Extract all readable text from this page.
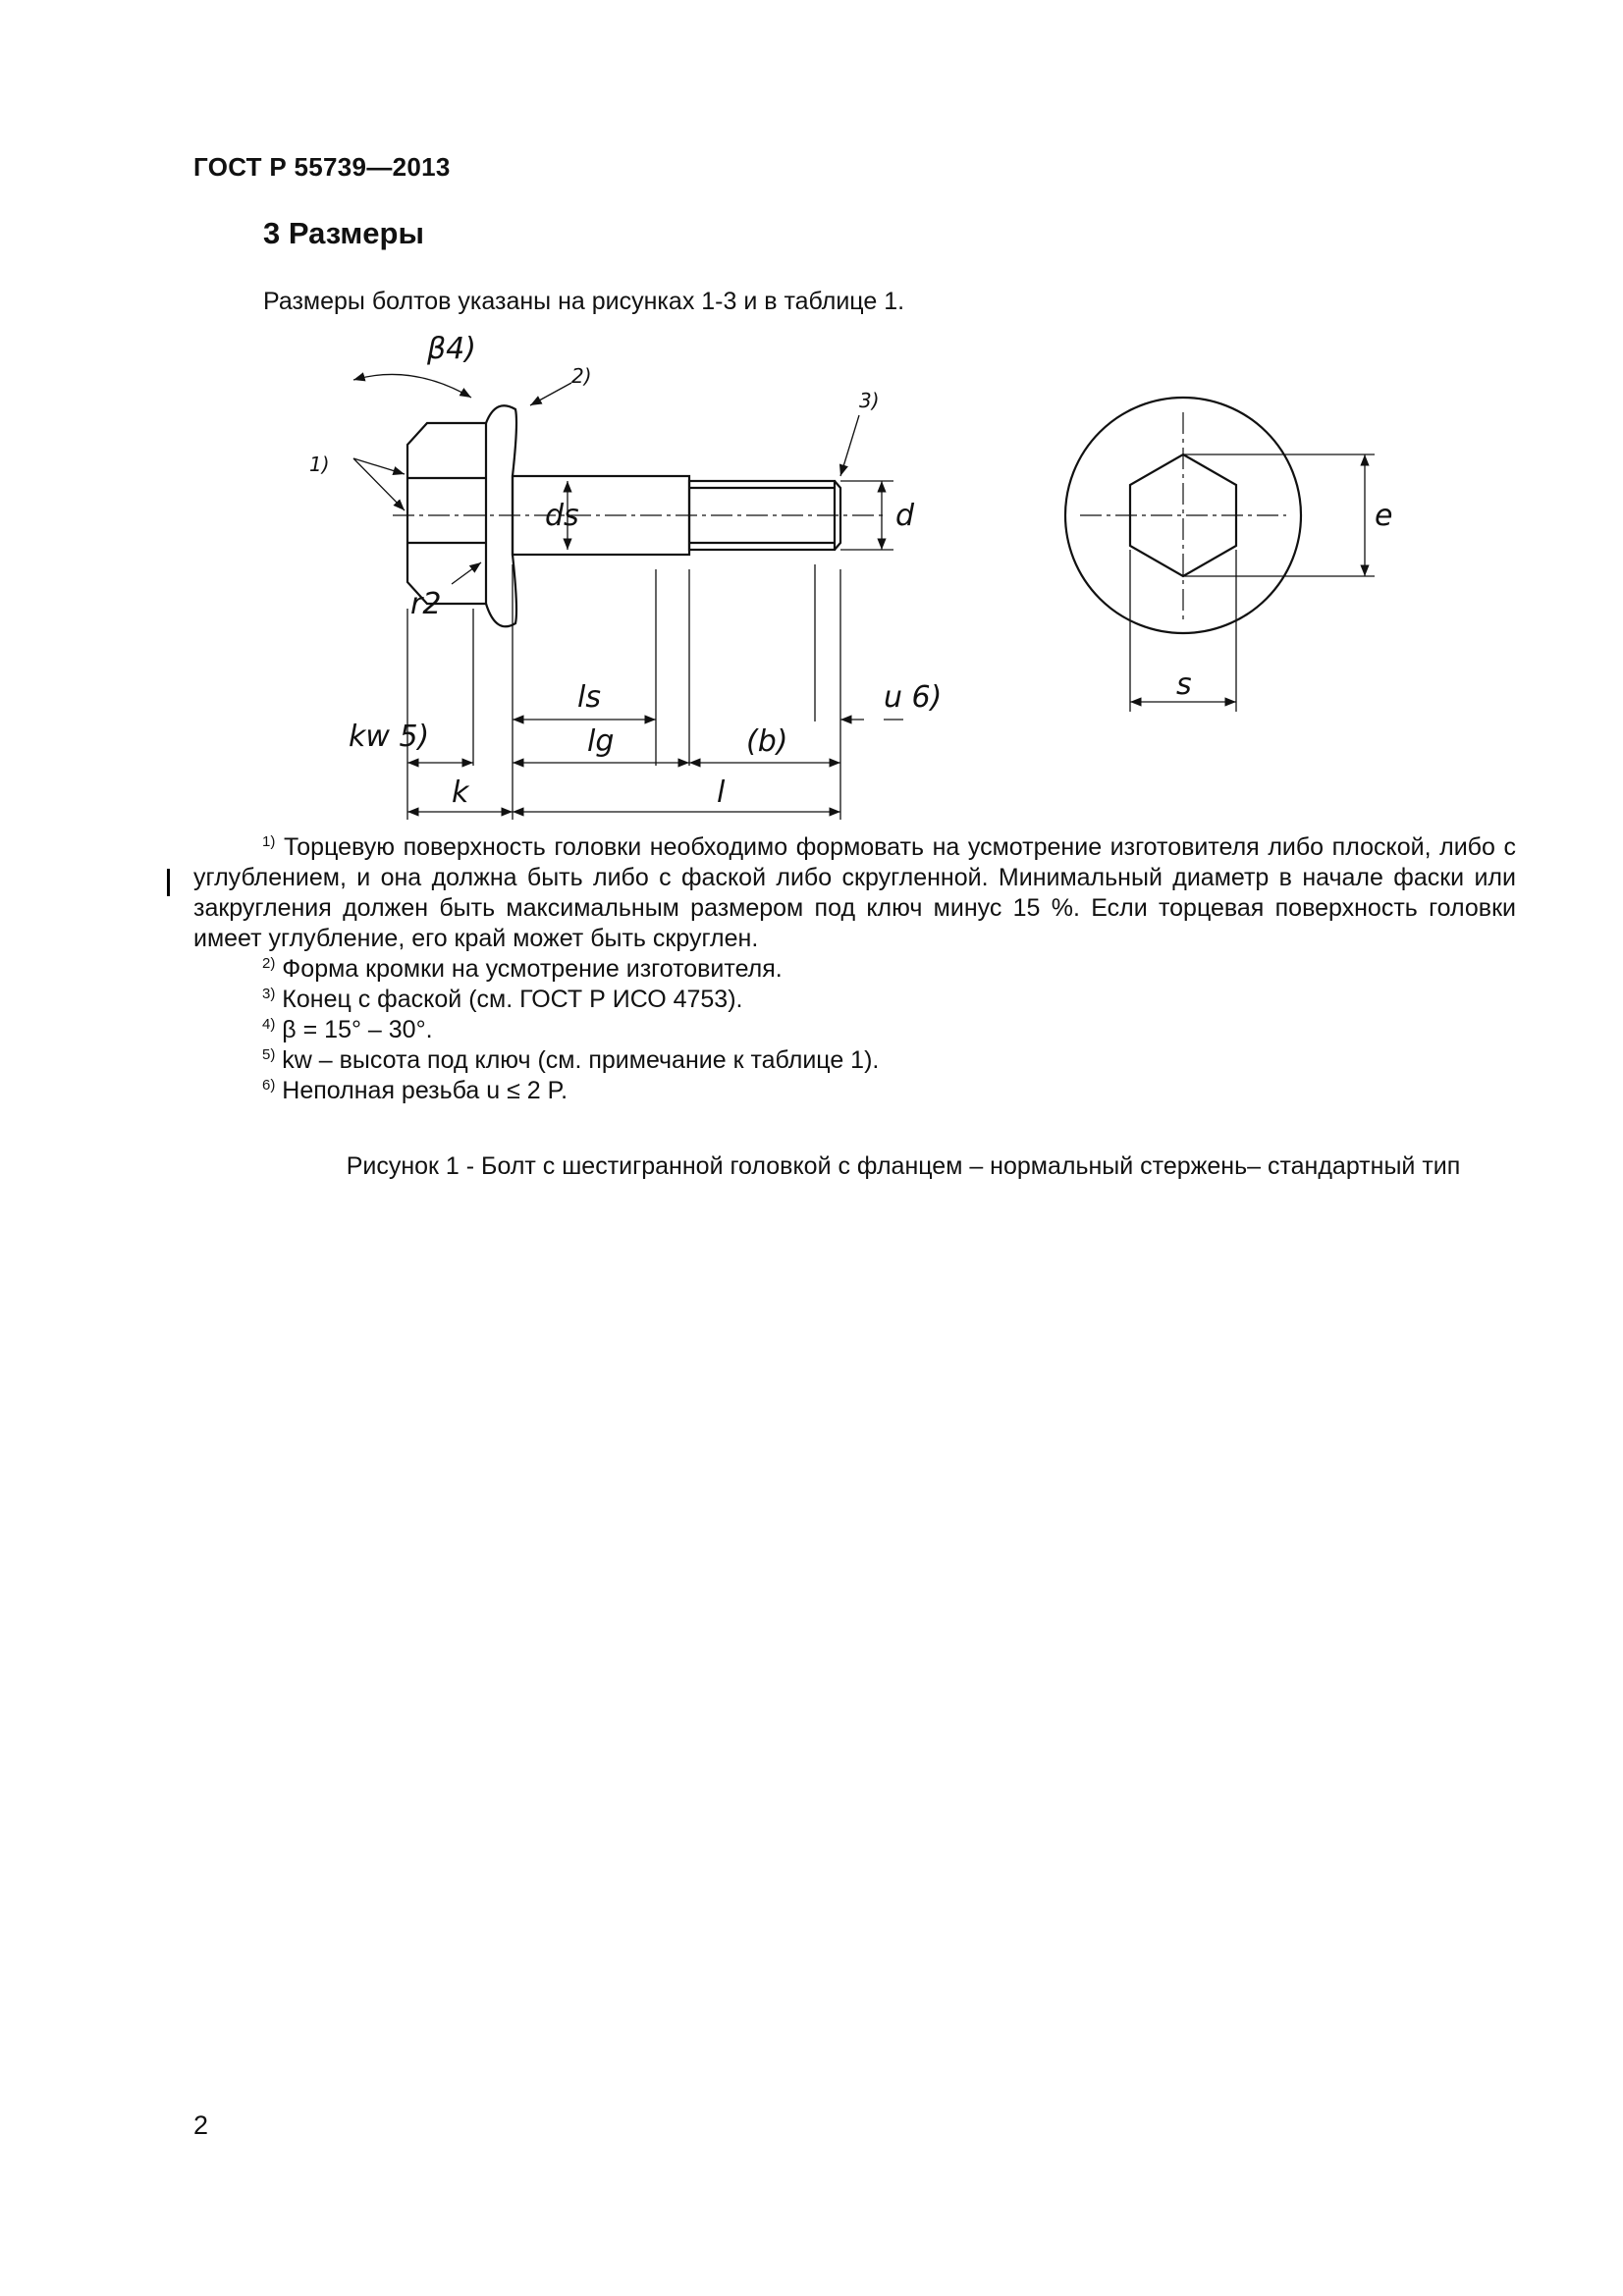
ГОСТ Р 55739—2013
3 Размеры
Размеры болтов указаны на рисунках 1-3 и в таблице 1.
β4)
1)
2)
3)
r2
ds	d	e
s
ls
lg	(b)
u 6)
kw 5)
k	l

$^{1)}$ Торцевую поверхность головки необходимо формовать на усмотрение изготовителя либо плоской, либо с углублением, и она должна быть либо с фаской либо скругленной. Минимальный диаметр в начале фаски или закругления должен быть максимальным размером под ключ минус 15 %. Если торцевая поверхность головки имеет углубление, его край может быть скруглен.

$^{2)}$ Форма кромки на усмотрение изготовителя.

$^{3)}$ Конец с фаской (см. ГОСТ Р ИСО 4753).

$^{4)}$ β = 15° – 30°.

$^{5)}$ kw – высота под ключ (см. примечание к таблице 1).

$^{6)}$ Неполная резьба u ≤ 2 P.

Рисунок 1 - Болт с шестигранной головкой с фланцем – нормальный стержень– стандартный тип
2
